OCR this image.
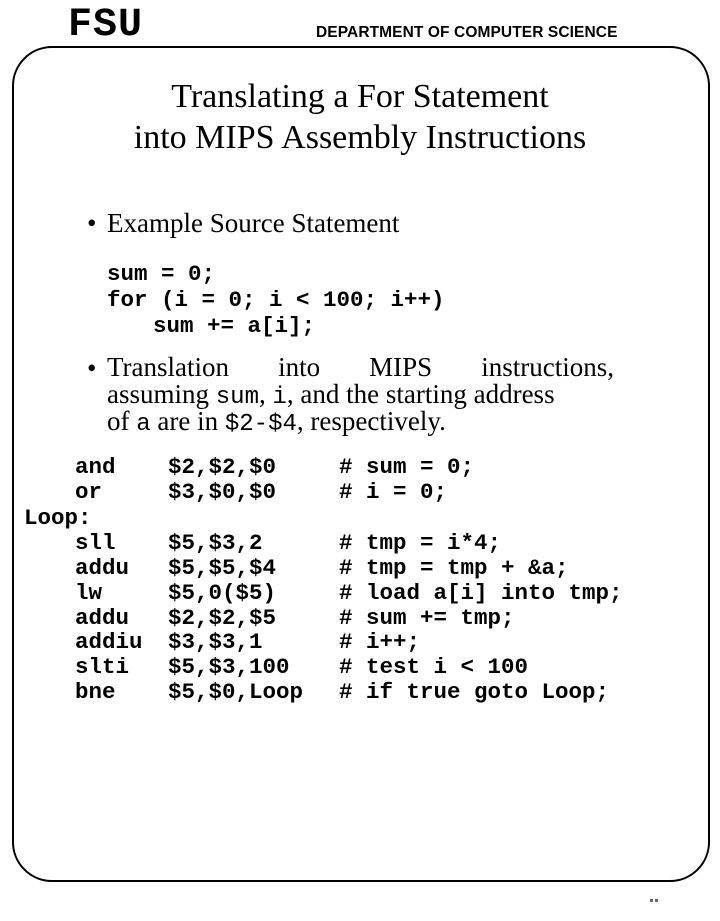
FSU	DEPARTMENT OF COMPUTER SCIENCE
Translating a For Statement
into MIPS Assembly Instructions
• Example Source Statement
sum = 0;
for (i = 0; i < 100; i++)
sum += a[i];
• Translation into MIPS instructions,
assuming sum, i, and the starting address
of a are in $2-$4, respectively.
and $2,$2,$0	# sum = 0;
or	$3,$0,$0	# i = 0;
Loop:
sll $5,$3,2	# tmp = i*4;
addu $5,$5,$4	# tmp = tmp + &a;
lw	$5,0($5)	# load a[i] into tmp;
addu $2,$2,$5	# sum += tmp;
addiu $3,$3,1	# i++;
slti $5,$3,100 # test i < 100
bne $5,$0,Loop # if true goto Loop;
